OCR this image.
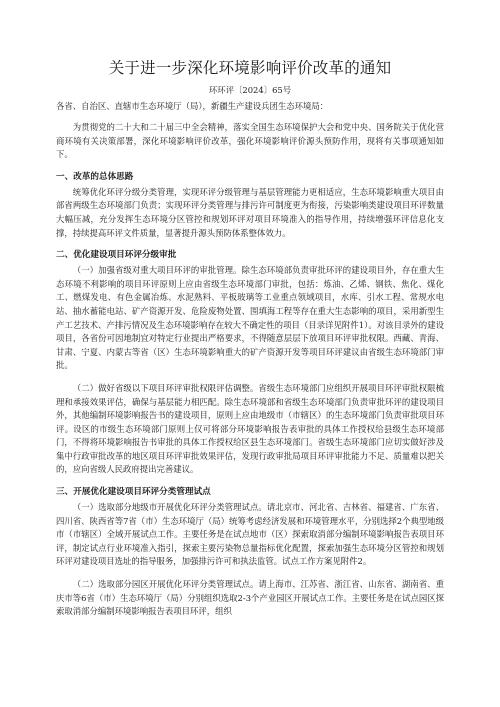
关于进一步深化环境影响评价改革的通知
环环评〔2024〕65号
各省、自治区、直辖市生态环境厅（局），新疆生产建设兵团生态环境局：

为贯彻党的二十大和二十届三中全会精神，落实全国生态环境保护大会和党中央、国务院关于优化营商环境有关决策部署，深化环境影响评价改革，强化环境影响评价源头预防作用，现将有关事项通知如下。

一、改革的总体思路

统筹优化环评分级分类管理，实现环评分级管理与基层管理能力更相适应，生态环境影响重大项目由部省两级生态环境部门负责；实现环评分类管理与排污许可制度更为衔接，污染影响类建设项目环评数量大幅压减，充分发挥生态环境分区管控和规划环评对项目环境准入的指导作用，持续增强环评信息化支撑，持续提高环评文件质量，显著提升源头预防体系整体效力。

二、优化建设项目环评分级审批

（一）加强省级对重大项目环评的审批管理。除生态环境部负责审批环评的建设项目外，存在重大生态环境不利影响的项目环评原则上应由省级生态环境部门审批，包括：炼油、乙烯、钢铁、焦化、煤化工、燃煤发电、有色金属冶炼、水泥熟料、平板玻璃等工业重点领域项目，水库、引水工程、常规水电站、抽水蓄能电站、矿产资源开发、危险废物处置、围填海工程等存在重大生态影响的项目，采用新型生产工艺技术、产排污情况及生态环境影响存在较大不确定性的项目（目录详见附件1）。对该目录外的建设项目，各省份可因地制宜对特定行业提出严格要求，不得随意层层下放项目环评审批权限。西藏、青海、甘肃、宁夏、内蒙古等省（区）生态环境影响重大的矿产资源开发等项目环评建议由省级生态环境部门审批。

（二）做好省级以下项目环评审批权限评估调整。省级生态环境部门应组织开展项目环评审批权限梳理和承接效果评估，确保与基层能力相匹配。除生态环境部和省级生态环境部门负责审批环评的建设项目外，其他编制环境影响报告书的建设项目，原则上应由地级市（市辖区）的生态环境部门负责审批项目环评。设区的市级生态环境部门原则上仅可将部分环境影响报告表审批的具体工作授权给县级生态环境部门，不得将环境影响报告书审批的具体工作授权给区县生态环境部门。省级生态环境部门应切实做好涉及集中行政审批改革的地区项目环评审批效果评估，发现行政审批局项目环评审批能力不足、质量难以把关的，应向省级人民政府提出完善建议。

三、开展优化建设项目环评分类管理试点

（一）选取部分地级市开展优化环评分类管理试点。请北京市、河北省、吉林省、福建省、广东省、四川省、陕西省等7省（市）生态环境厅（局）统筹考虑经济发展和环境管理水平，分别选择2个典型地级市（市辖区）全域开展试点工作。主要任务是在试点地市（区）探索取消部分编制环境影响报告表项目环评，制定试点行业环境准入指引，探索主要污染物总量指标优化配置，探索加强生态环境分区管控和规划环评对建设项目选址的指导服务，加强排污许可和执法监管。试点工作方案见附件2。

（二）选取部分园区开展优化环评分类管理试点。请上海市、江苏省、浙江省、山东省、湖南省、重庆市等6省（市）生态环境厅（局）分别组织选取2-3个产业园区开展试点工作。主要任务是在试点园区探索取消部分编制环境影响报告表项目环评，组织
